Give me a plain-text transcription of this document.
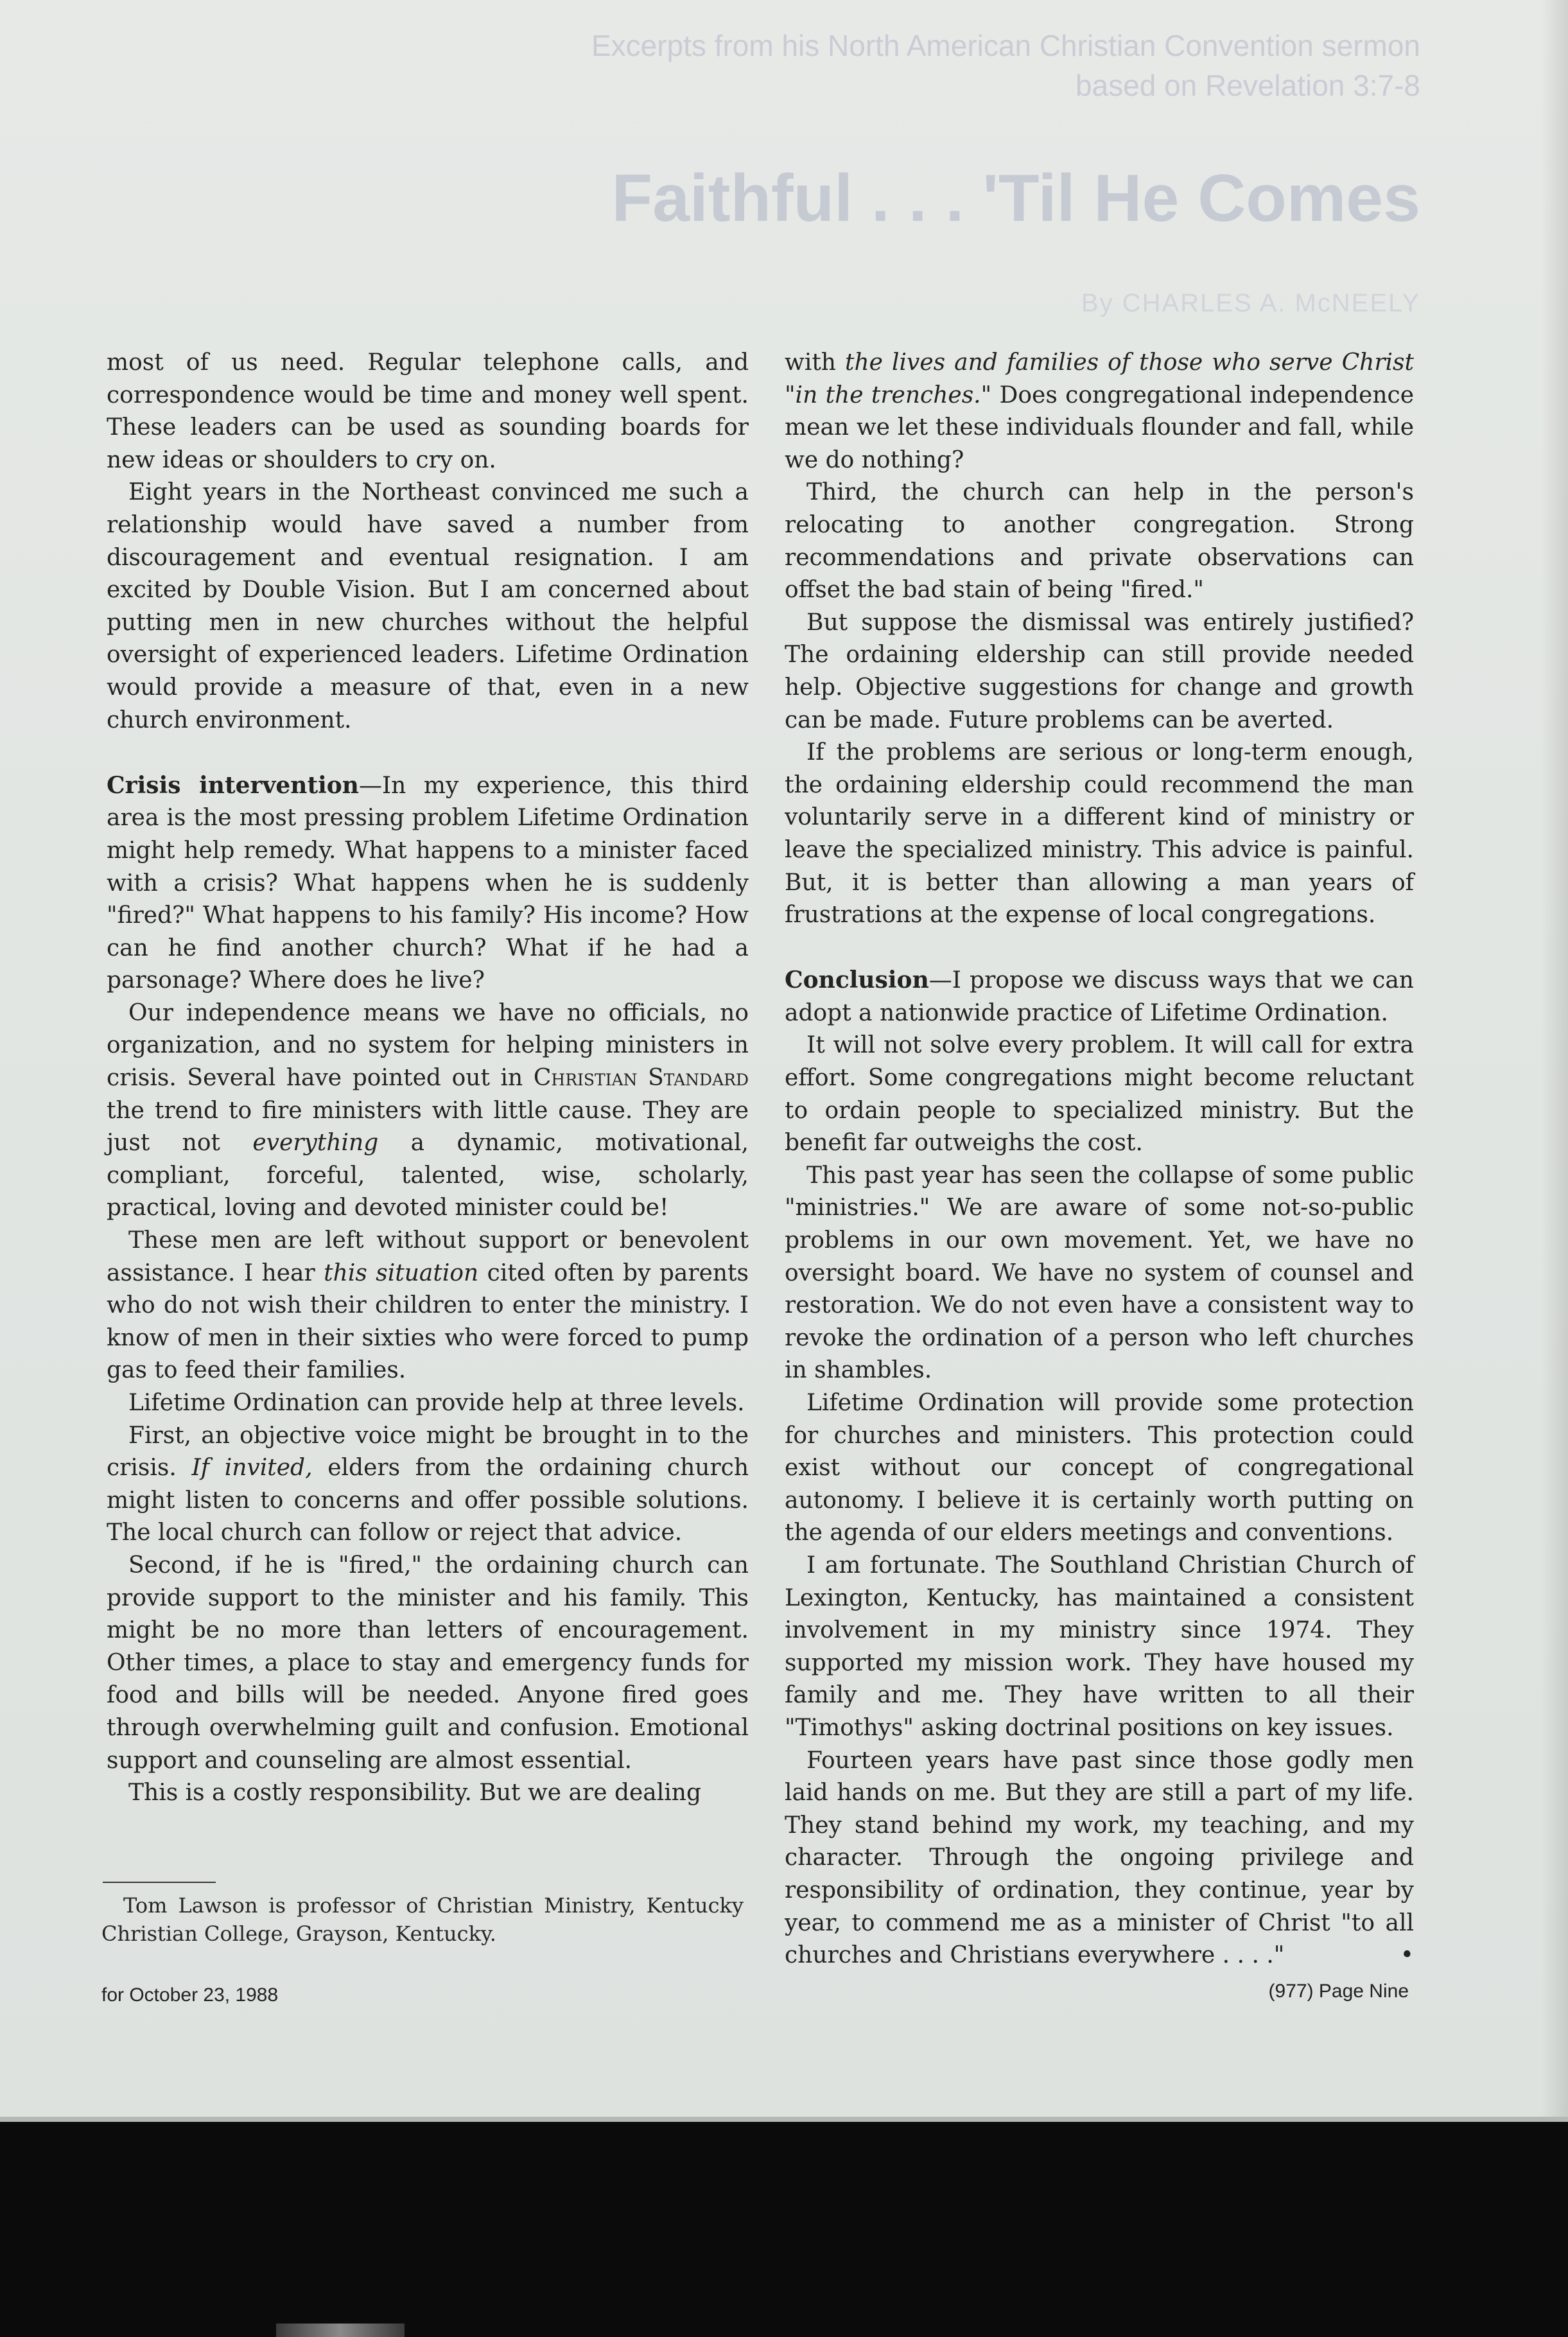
Excerpts from his North American Christian Convention sermon
based on Revelation 3:7-8
Faithful . . . 'Til He Comes
By CHARLES A. McNEELY

most of us need. Regular telephone calls, and correspondence would be time and money well spent. These leaders can be used as sounding boards for new ideas or shoulders to cry on.

Eight years in the Northeast convinced me such a relationship would have saved a number from discouragement and eventual resignation. I am excited by Double Vision. But I am concerned about putting men in new churches without the helpful oversight of experienced leaders. Lifetime Ordination would provide a measure of that, even in a new church environment.

Crisis intervention—In my experience, this third area is the most pressing problem Lifetime Ordination might help remedy. What happens to a minister faced with a crisis? What happens when he is suddenly "fired?" What happens to his family? His income? How can he find another church? What if he had a parsonage? Where does he live?

Our independence means we have no officials, no organization, and no system for helping ministers in crisis. Several have pointed out in Christian Standard the trend to fire ministers with little cause. They are just not everything a dynamic, motivational, compliant, forceful, talented, wise, scholarly, practical, loving and devoted minister could be!

These men are left without support or benevolent assistance. I hear this situation cited often by parents who do not wish their children to enter the ministry. I know of men in their sixties who were forced to pump gas to feed their families.

Lifetime Ordination can provide help at three levels.

First, an objective voice might be brought in to the crisis. If invited, elders from the ordaining church might listen to concerns and offer possible solutions. The local church can follow or reject that advice.

Second, if he is "fired," the ordaining church can provide support to the minister and his family. This might be no more than letters of encouragement. Other times, a place to stay and emergency funds for food and bills will be needed. Anyone fired goes through overwhelming guilt and confusion. Emotional support and counseling are almost essential.

This is a costly responsibility. But we are dealing

with the lives and families of those who serve Christ "in the trenches." Does congregational independence mean we let these individuals flounder and fall, while we do nothing?

Third, the church can help in the person's relocating to another congregation. Strong recommendations and private observations can offset the bad stain of being "fired."

But suppose the dismissal was entirely justified? The ordaining eldership can still provide needed help. Objective suggestions for change and growth can be made. Future problems can be averted.

If the problems are serious or long-term enough, the ordaining eldership could recommend the man voluntarily serve in a different kind of ministry or leave the specialized ministry. This advice is painful. But, it is better than allowing a man years of frustrations at the expense of local congregations.

Conclusion—I propose we discuss ways that we can adopt a nationwide practice of Lifetime Ordination.

It will not solve every problem. It will call for extra effort. Some congregations might become reluctant to ordain people to specialized ministry. But the benefit far outweighs the cost.

This past year has seen the collapse of some public "ministries." We are aware of some not-so-public problems in our own movement. Yet, we have no oversight board. We have no system of counsel and restoration. We do not even have a consistent way to revoke the ordination of a person who left churches in shambles.

Lifetime Ordination will provide some protection for churches and ministers. This protection could exist without our concept of congregational autonomy. I believe it is certainly worth putting on the agenda of our elders meetings and conventions.

I am fortunate. The Southland Christian Church of Lexington, Kentucky, has maintained a consistent involvement in my ministry since 1974. They supported my mission work. They have housed my family and me. They have written to all their "Timothys" asking doctrinal positions on key issues.

Fourteen years have past since those godly men laid hands on me. But they are still a part of my life. They stand behind my work, my teaching, and my character. Through the ongoing privilege and responsibility of ordination, they continue, year by year, to commend me as a minister of Christ "to all churches and Christians everywhere . . . ."	•

Tom Lawson is professor of Christian Ministry, Kentucky Christian College, Grayson, Kentucky.

for October 23, 1988	(977) Page Nine
